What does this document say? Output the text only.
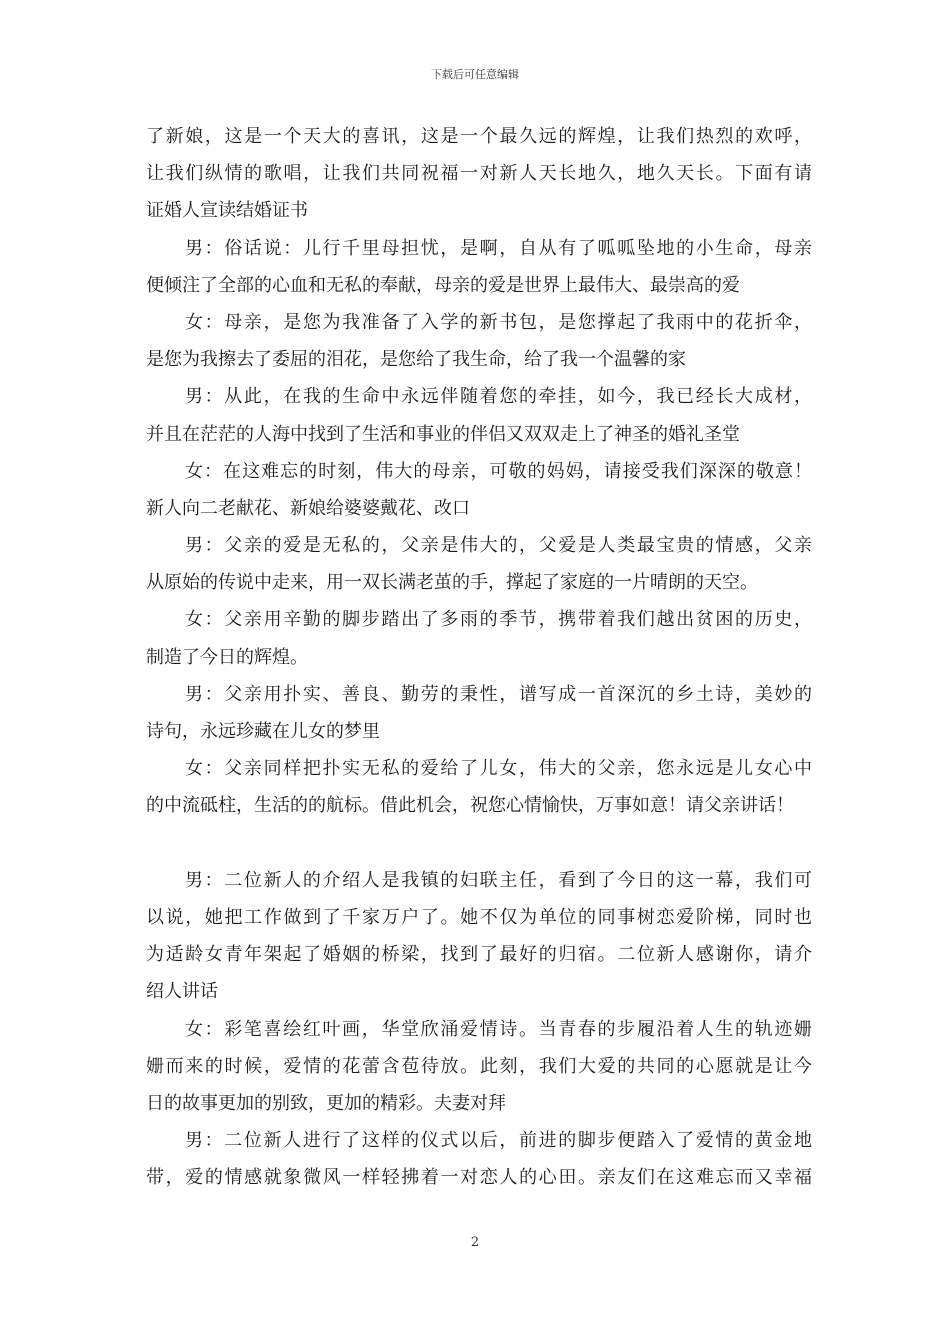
下载后可任意编辑
了新娘，这是一个天大的喜讯，这是一个最久远的辉煌，让我们热烈的欢呼，
让我们纵情的歌唱，让我们共同祝福一对新人天长地久，地久天长。下面有请
证婚人宣读结婚证书
男：俗话说：儿行千里母担忧，是啊，自从有了呱呱坠地的小生命，母亲
便倾注了全部的心血和无私的奉献，母亲的爱是世界上最伟大、最崇高的爱
女：母亲，是您为我准备了入学的新书包，是您撑起了我雨中的花折伞，
是您为我擦去了委屈的泪花，是您给了我生命，给了我一个温馨的家
男：从此，在我的生命中永远伴随着您的牵挂，如今，我已经长大成材，
并且在茫茫的人海中找到了生活和事业的伴侣又双双走上了神圣的婚礼圣堂
女：在这难忘的时刻，伟大的母亲，可敬的妈妈，请接受我们深深的敬意！
新人向二老献花、新娘给婆婆戴花、改口
男：父亲的爱是无私的，父亲是伟大的，父爱是人类最宝贵的情感，父亲
从原始的传说中走来，用一双长满老茧的手，撑起了家庭的一片晴朗的天空。
女：父亲用辛勤的脚步踏出了多雨的季节，携带着我们越出贫困的历史，
制造了今日的辉煌。
男：父亲用扑实、善良、勤劳的秉性，谱写成一首深沉的乡土诗，美妙的
诗句，永远珍藏在儿女的梦里
女：父亲同样把扑实无私的爱给了儿女，伟大的父亲，您永远是儿女心中
的中流砥柱，生活的的航标。借此机会，祝您心情愉快，万事如意！请父亲讲话！
男：二位新人的介绍人是我镇的妇联主任，看到了今日的这一幕，我们可
以说，她把工作做到了千家万户了。她不仅为单位的同事树恋爱阶梯，同时也
为适龄女青年架起了婚姻的桥梁，找到了最好的归宿。二位新人感谢你，请介
绍人讲话
女：彩笔喜绘红叶画，华堂欣涌爱情诗。当青春的步履沿着人生的轨迹姗
姗而来的时候，爱情的花蕾含苞待放。此刻，我们大爱的共同的心愿就是让今
日的故事更加的别致，更加的精彩。夫妻对拜
男：二位新人进行了这样的仪式以后，前进的脚步便踏入了爱情的黄金地
带，爱的情感就象微风一样轻拂着一对恋人的心田。亲友们在这难忘而又幸福
2
